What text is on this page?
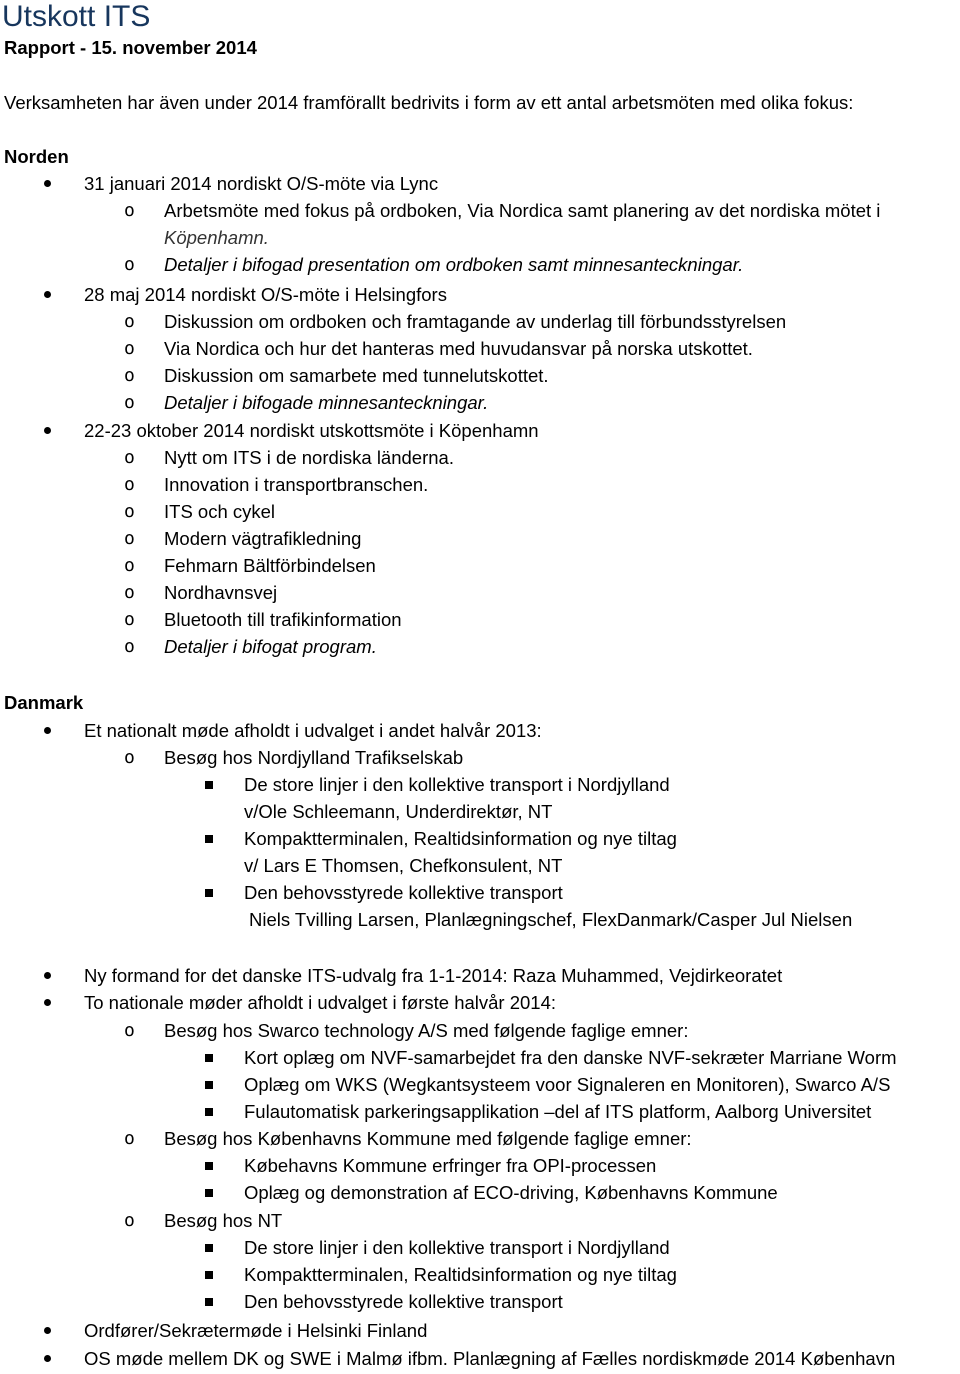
Utskott ITS
Rapport - 15. november 2014
Verksamheten har även under 2014 framförallt bedrivits i form av ett antal arbetsmöten med olika fokus:
Norden
31 januari 2014 nordiskt O/S-möte via Lync
o Arbetsmöte med fokus på ordboken, Via Nordica samt planering av det nordiska mötet i
Köpenhamn.
o Detaljer i bifogad presentation om ordboken samt minnesanteckningar.
28 maj 2014 nordiskt O/S-möte i Helsingfors
o Diskussion om ordboken och framtagande av underlag till förbundsstyrelsen
o Via Nordica och hur det hanteras med huvudansvar på norska utskottet.
o Diskussion om samarbete med tunnelutskottet.
o Detaljer i bifogade minnesanteckningar.
22-23 oktober 2014 nordiskt utskottsmöte i Köpenhamn
o Nytt om ITS i de nordiska länderna.
o Innovation i transportbranschen.
o ITS och cykel
o Modern vägtrafikledning
o Fehmarn Bältförbindelsen
o Nordhavnsvej
o Bluetooth till trafikinformation
o Detaljer i bifogat program.
Danmark
Et nationalt møde afholdt i udvalget i andet halvår 2013:
o Besøg hos Nordjylland Trafikselskab
De store linjer i den kollektive transport i Nordjylland
v/Ole Schleemann, Underdirektør, NT
Kompaktterminalen, Realtidsinformation og nye tiltag
v/ Lars E Thomsen, Chefkonsulent, NT
Den behovsstyrede kollektive transport
Niels Tvilling Larsen, Planlægningschef, FlexDanmark/Casper Jul Nielsen
Ny formand for det danske ITS-udvalg fra 1-1-2014: Raza Muhammed, Vejdirkeoratet
To nationale møder afholdt i udvalget i første halvår 2014:
o Besøg hos Swarco technology A/S med følgende faglige emner:
Kort oplæg om NVF-samarbejdet fra den danske NVF-sekræter Marriane Worm
Oplæg om WKS (Wegkantsysteem voor Signaleren en Monitoren), Swarco A/S
Fulautomatisk parkeringsapplikation –del af ITS platform, Aalborg Universitet
o Besøg hos Københavns Kommune med følgende faglige emner:
Købehavns Kommune erfringer fra OPI-processen
Oplæg og demonstration af ECO-driving, Københavns Kommune
o Besøg hos NT
De store linjer i den kollektive transport i Nordjylland
Kompaktterminalen, Realtidsinformation og nye tiltag
Den behovsstyrede kollektive transport
Ordfører/Sekrætermøde i Helsinki Finland
OS møde mellem DK og SWE i Malmø ifbm. Planlægning af Fælles nordiskmøde 2014 København
